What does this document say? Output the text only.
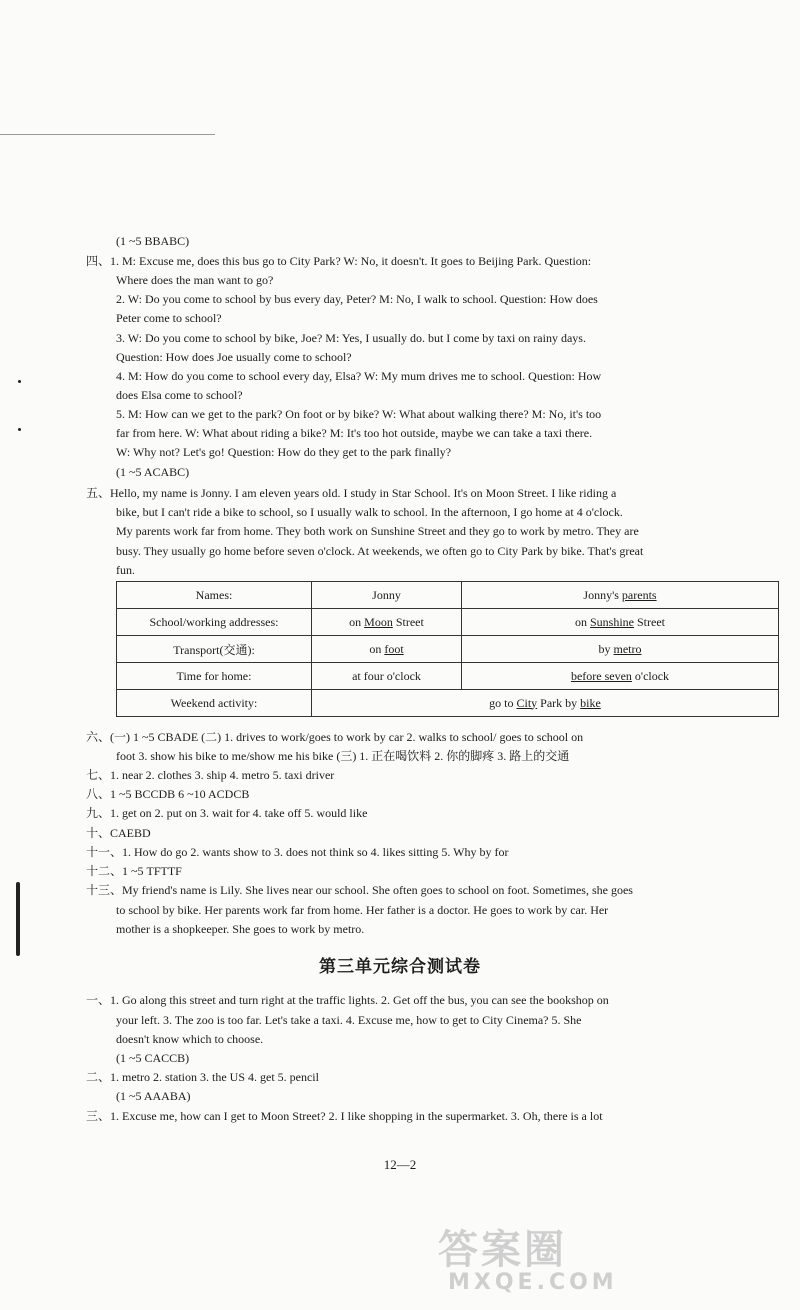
(1 ~5 BBABC)
四、1. M: Excuse me, does this bus go to City Park? W: No, it doesn't. It goes to Beijing Park. Question:
Where does the man want to go?
2. W: Do you come to school by bus every day, Peter? M: No, I walk to school. Question: How does
Peter come to school?
3. W: Do you come to school by bike, Joe? M: Yes, I usually do. but I come by taxi on rainy days.
Question: How does Joe usually come to school?
4. M: How do you come to school every day, Elsa? W: My mum drives me to school. Question: How
does Elsa come to school?
5. M: How can we get to the park? On foot or by bike? W: What about walking there? M: No, it's too
far from here. W: What about riding a bike? M: It's too hot outside, maybe we can take a taxi there.
W: Why not? Let's go! Question: How do they get to the park finally?
(1 ~5 ACABC)
五、Hello, my name is Jonny. I am eleven years old. I study in Star School. It's on Moon Street. I like riding a
bike, but I can't ride a bike to school, so I usually walk to school. In the afternoon, I go home at 4 o'clock.
My parents work far from home. They both work on Sunshine Street and they go to work by metro. They are
busy. They usually go home before seven o'clock. At weekends, we often go to City Park by bike. That's great
fun.
Names:	Jonny	Jonny's parents
School/working addresses:	on Moon Street	on Sunshine Street
Transport(交通):	on foot	by metro
Time for home:	at four o'clock	before seven o'clock
Weekend activity:	go to City Park by bike	
六、(一) 1 ~5 CBADE (二) 1. drives to work/goes to work by car 2. walks to school/ goes to school on
foot 3. show his bike to me/show me his bike (三) 1. 正在喝饮料 2. 你的脚疼 3. 路上的交通
七、1. near 2. clothes 3. ship 4. metro 5. taxi driver
八、1 ~5 BCCDB 6 ~10 ACDCB
九、1. get on 2. put on 3. wait for 4. take off 5. would like
十、CAEBD
十一、1. How do go 2. wants show to 3. does not think so 4. likes sitting 5. Why by for
十二、1 ~5 TFTTF
十三、My friend's name is Lily. She lives near our school. She often goes to school on foot. Sometimes, she goes
to school by bike. Her parents work far from home. Her father is a doctor. He goes to work by car. Her
mother is a shopkeeper. She goes to work by metro.
第三单元综合测试卷
一、1. Go along this street and turn right at the traffic lights. 2. Get off the bus, you can see the bookshop on
your left. 3. The zoo is too far. Let's take a taxi. 4. Excuse me, how to get to City Cinema? 5. She
doesn't know which to choose.
(1 ~5 CACCB)
二、1. metro 2. station 3. the US 4. get 5. pencil
(1 ~5 AAABA)
三、1. Excuse me, how can I get to Moon Street? 2. I like shopping in the supermarket. 3. Oh, there is a lot
12—2
答案圈
MXQE.COM
